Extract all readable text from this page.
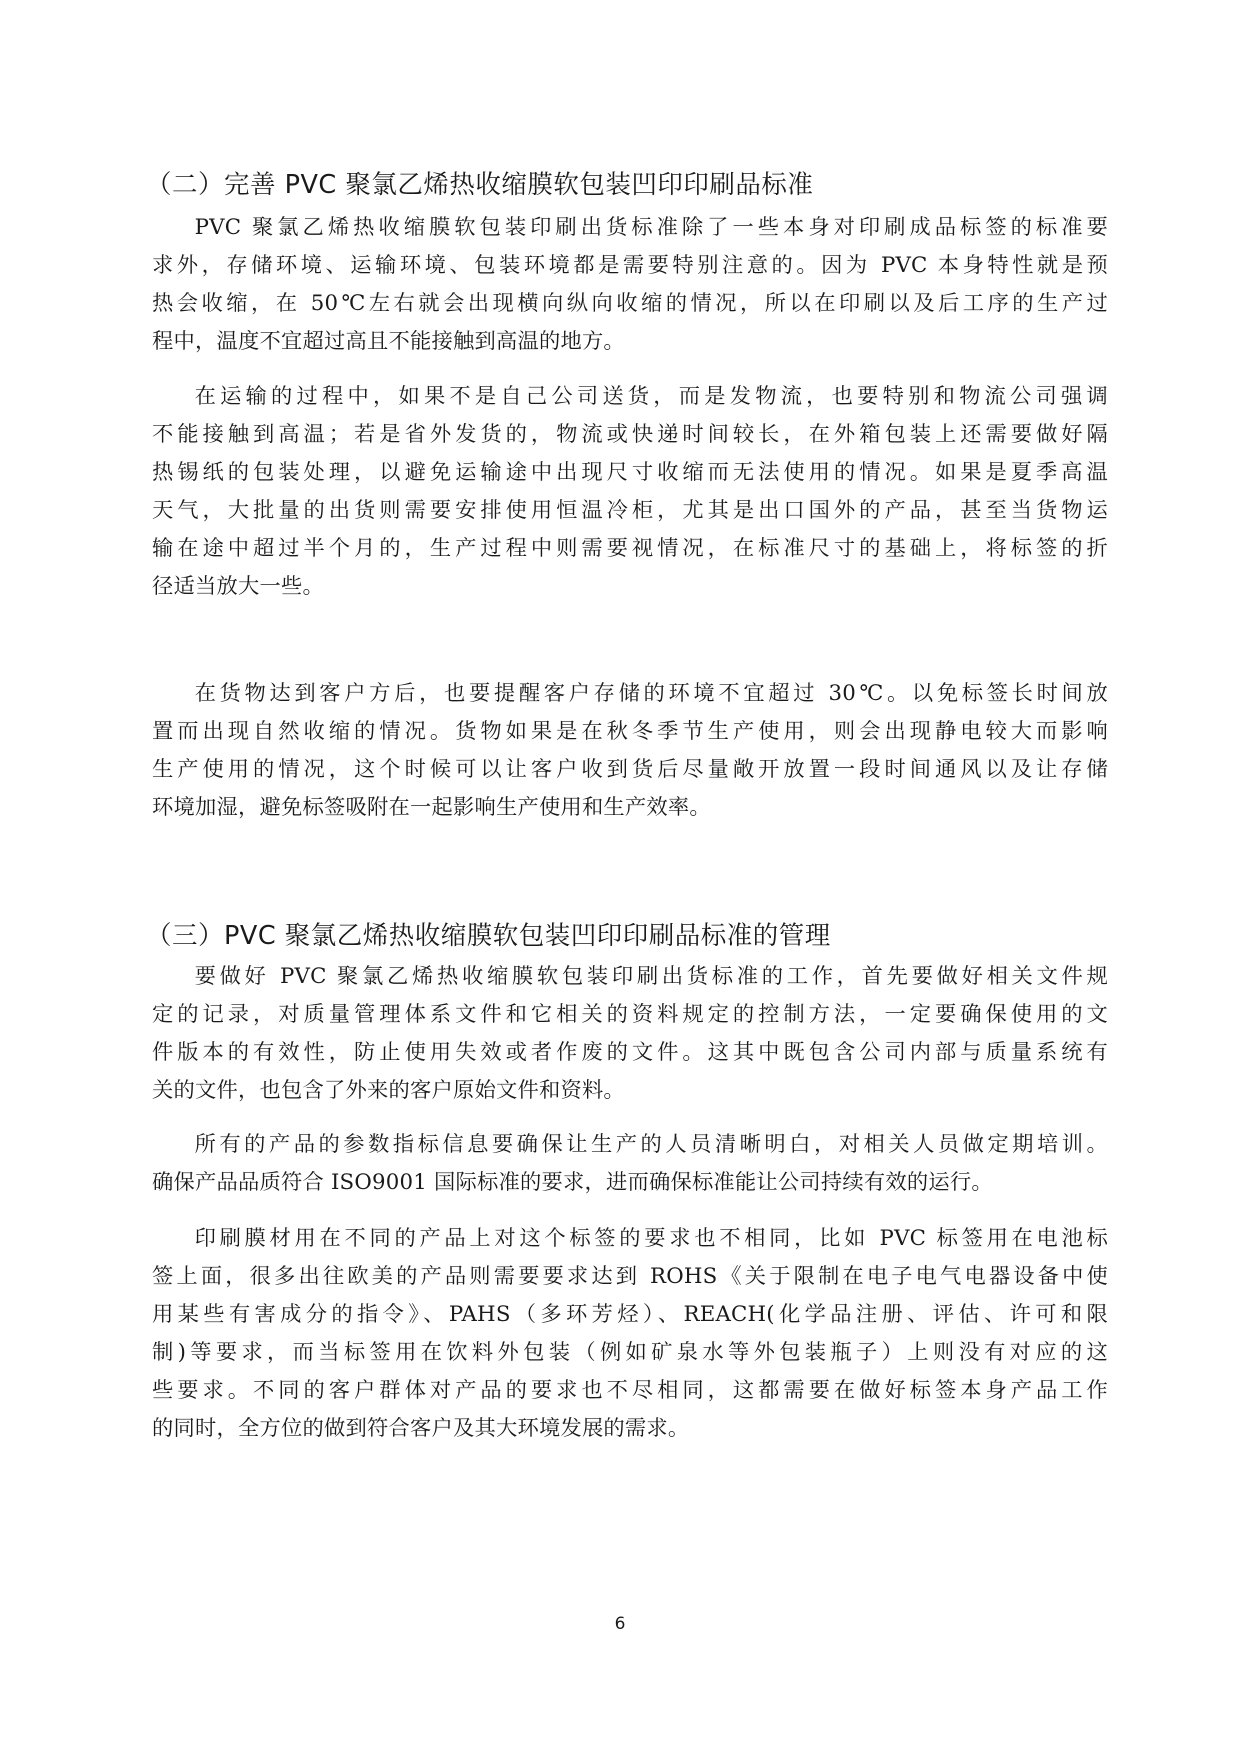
（二）完善 PVC 聚氯乙烯热收缩膜软包装凹印印刷品标准

PVC 聚氯乙烯热收缩膜软包装印刷出货标准除了一些本身对印刷成品标签的标准要
求外，存储环境、运输环境、包装环境都是需要特别注意的。因为 PVC 本身特性就是预
热会收缩，在 50℃左右就会出现横向纵向收缩的情况，所以在印刷以及后工序的生产过
程中，温度不宜超过高且不能接触到高温的地方。

在运输的过程中，如果不是自己公司送货，而是发物流，也要特别和物流公司强调
不能接触到高温；若是省外发货的，物流或快递时间较长，在外箱包装上还需要做好隔
热锡纸的包装处理，以避免运输途中出现尺寸收缩而无法使用的情况。如果是夏季高温
天气，大批量的出货则需要安排使用恒温冷柜，尤其是出口国外的产品，甚至当货物运
输在途中超过半个月的，生产过程中则需要视情况，在标准尺寸的基础上，将标签的折
径适当放大一些。

在货物达到客户方后，也要提醒客户存储的环境不宜超过 30℃。以免标签长时间放
置而出现自然收缩的情况。货物如果是在秋冬季节生产使用，则会出现静电较大而影响
生产使用的情况，这个时候可以让客户收到货后尽量敞开放置一段时间通风以及让存储
环境加湿，避免标签吸附在一起影响生产使用和生产效率。

（三）PVC 聚氯乙烯热收缩膜软包装凹印印刷品标准的管理

要做好 PVC 聚氯乙烯热收缩膜软包装印刷出货标准的工作，首先要做好相关文件规
定的记录，对质量管理体系文件和它相关的资料规定的控制方法，一定要确保使用的文
件版本的有效性，防止使用失效或者作废的文件。这其中既包含公司内部与质量系统有
关的文件，也包含了外来的客户原始文件和资料。

所有的产品的参数指标信息要确保让生产的人员清晰明白，对相关人员做定期培训。
确保产品品质符合 ISO9001 国际标准的要求，进而确保标准能让公司持续有效的运行。

印刷膜材用在不同的产品上对这个标签的要求也不相同，比如 PVC 标签用在电池标
签上面，很多出往欧美的产品则需要要求达到 ROHS《关于限制在电子电气电器设备中使
用某些有害成分的指令》、PAHS（多环芳烃）、REACH(化学品注册、评估、许可和限
制)等要求，而当标签用在饮料外包装（例如矿泉水等外包装瓶子）上则没有对应的这
些要求。不同的客户群体对产品的要求也不尽相同，这都需要在做好标签本身产品工作
的同时，全方位的做到符合客户及其大环境发展的需求。

6
